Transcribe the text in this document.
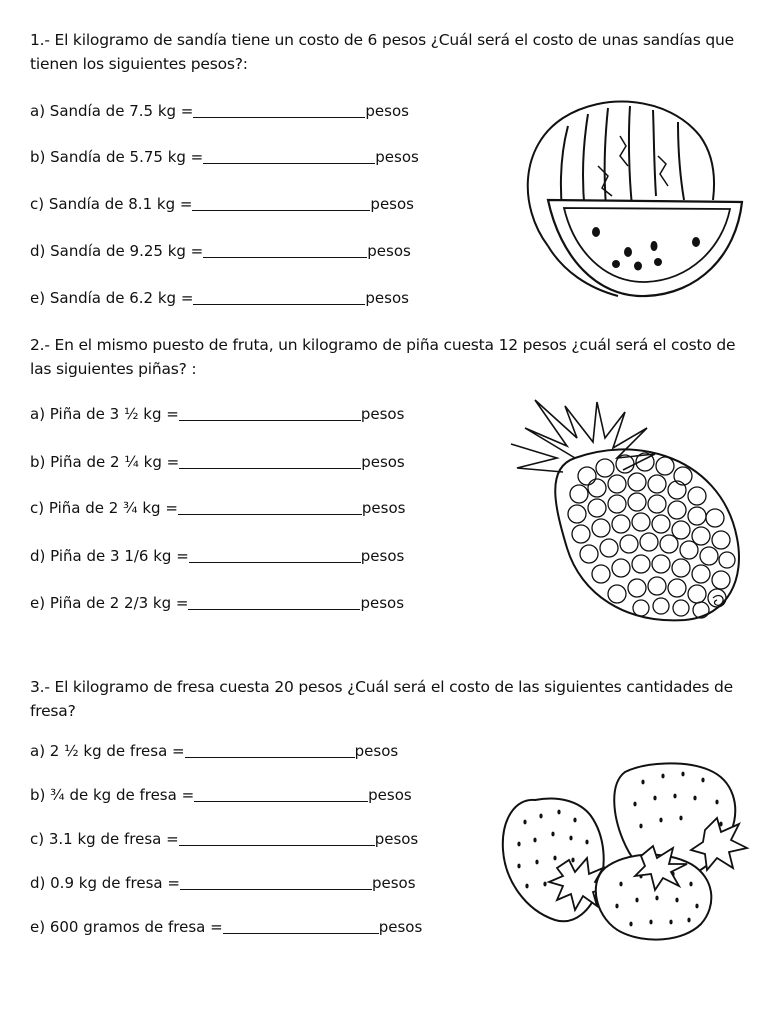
1.- El kilogramo de sandía tiene un costo de 6 pesos ¿Cuál será el costo de unas sandías que tienen los siguientes pesos?:
a) Sandía de 7.5 kg =	pesos
b) Sandía de 5.75 kg =	pesos
c) Sandía de 8.1 kg =	pesos
d) Sandía de 9.25 kg =	pesos
e) Sandía de 6.2 kg =	pesos
2.- En el mismo puesto de fruta, un kilogramo de piña cuesta 12 pesos ¿cuál será el costo de las siguientes piñas? :
a) Piña de 3 ½ kg =	pesos
b) Piña de 2 ¼ kg =	pesos
c) Piña de 2 ¾ kg =	pesos
d) Piña de 3 1/6 kg =	pesos
e) Piña de 2 2/3 kg =	pesos
3.- El kilogramo de fresa cuesta 20 pesos ¿Cuál será el costo de las siguientes cantidades de fresa?
a) 2 ½ kg de fresa =	pesos
b) ¾ de kg de fresa =	pesos
c) 3.1 kg de fresa =	pesos
d) 0.9 kg de fresa =	pesos
e) 600 gramos de fresa =	pesos
